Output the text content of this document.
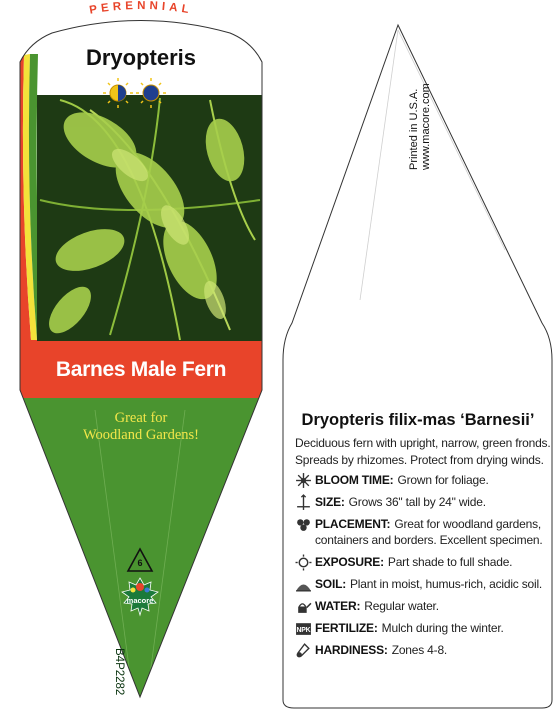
PERENNIAL
Dryopteris
Barnes Male Fern
Great for
Woodland Gardens!
6
macore
B4P2282
Printed in U.S.A. www.macore.com
Dryopteris filix-mas ‘Barnesii’
Deciduous fern with upright, narrow, green fronds.
Spreads by rhizomes. Protect from drying winds.
BLOOM TIME: Grown for foliage.
SIZE: Grows 36" tall by 24" wide.
PLACEMENT: Great for woodland gardens,
containers and borders. Excellent specimen.
EXPOSURE: Part shade to full shade.
SOIL: Plant in moist, humus-rich, acidic soil.
WATER: Regular water.
NPK FERTILIZE: Mulch during the winter.
HARDINESS: Zones 4-8.
